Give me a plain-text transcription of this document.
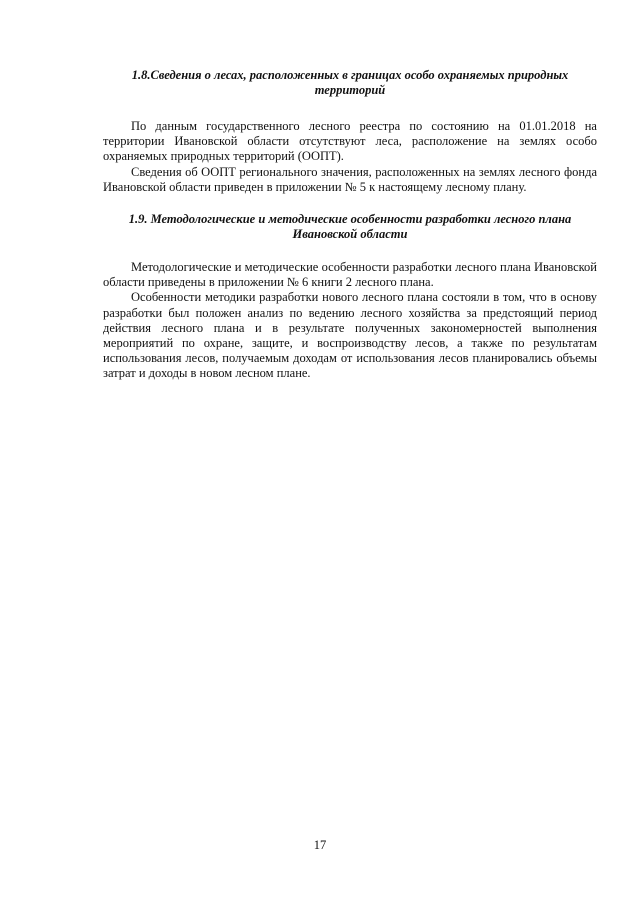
1.8.Сведения о лесах, расположенных в границах особо охраняемых природных территорий

По данным государственного лесного реестра по состоянию на 01.01.2018 на территории Ивановской области отсутствуют леса, расположение на землях особо охраняемых природных территорий (ООПТ).

Сведения об ООПТ регионального значения, расположенных на землях лесного фонда Ивановской области приведен в приложении № 5 к настоящему лесному плану.

1.9. Методологические и методические особенности разработки лесного плана Ивановской области

Методологические и методические особенности разработки лесного плана Ивановской области приведены в приложении № 6 книги 2 лесного плана.

Особенности методики разработки нового лесного плана состояли в том, что в основу разработки был положен анализ по ведению лесного хозяйства за предстоящий период действия лесного плана и в результате полученных закономерностей выполнения мероприятий по охране, защите, и воспроизводству лесов, а также по результатам использования лесов, получаемым доходам от использования лесов планировались объемы затрат и доходы в новом лесном плане.

17
